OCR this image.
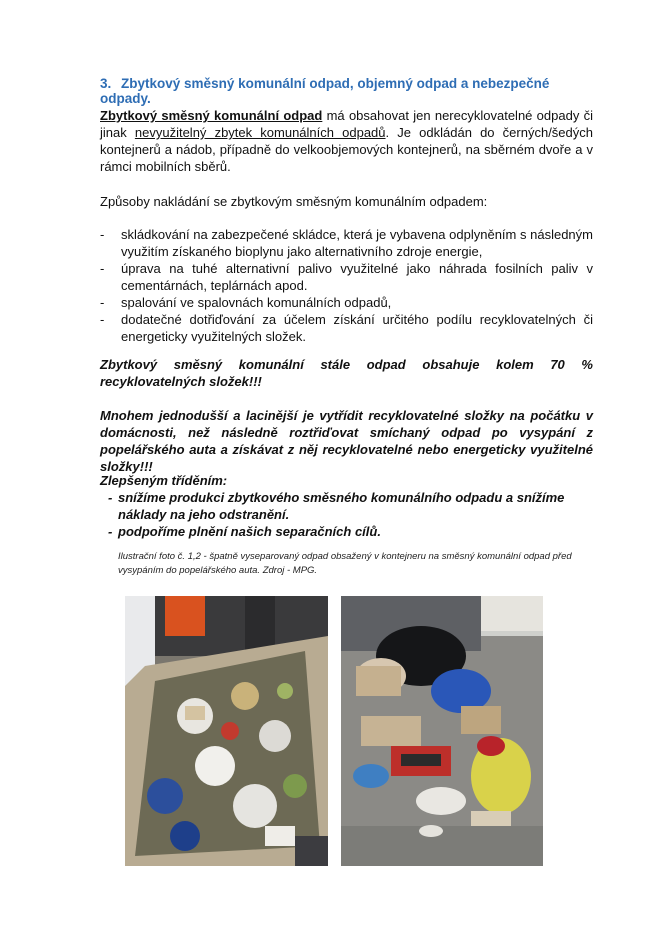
3. Zbytkový směsný komunální odpad, objemný odpad a nebezpečné odpady.
Zbytkový směsný komunální odpad má obsahovat jen nerecyklovatelné odpady či jinak nevyužitelný zbytek komunálních odpadů. Je odkládán do černých/šedých kontejnerů a nádob, případně do velkoobjemových kontejnerů, na sběrném dvoře a v rámci mobilních sběrů.
Způsoby nakládání se zbytkovým směsným komunálním odpadem:
- skládkování na zabezpečené skládce, která je vybavena odplyněním s následným využitím získaného bioplynu jako alternativního zdroje energie,
- úprava na tuhé alternativní palivo využitelné jako náhrada fosilních paliv v cementárnách, teplárnách apod.
- spalování ve spalovnách komunálních odpadů,
- dodatečné dotřiďování za účelem získání určitého podílu recyklovatelných či energeticky využitelných složek.
Zbytkový směsný komunální stále odpad obsahuje kolem 70 % recyklovatelných složek!!!
Mnohem jednodušší a lacinější je vytřídit recyklovatelné složky na počátku v domácnosti, než následně roztřiďovat smíchaný odpad po vysypání z popelářského auta a získávat z něj recyklovatelné nebo energeticky využitelné složky!!!
Zlepšeným tříděním:
- snížíme produkci zbytkového směsného komunálního odpadu a snížíme náklady na jeho odstranění.
- podpoříme plnění našich separačních cílů.
Ilustrační foto č. 1,2 - špatně vyseparovaný odpad obsažený v kontejneru na směsný komunální odpad před vysypáním do popelářského auta. Zdroj - MPG.
